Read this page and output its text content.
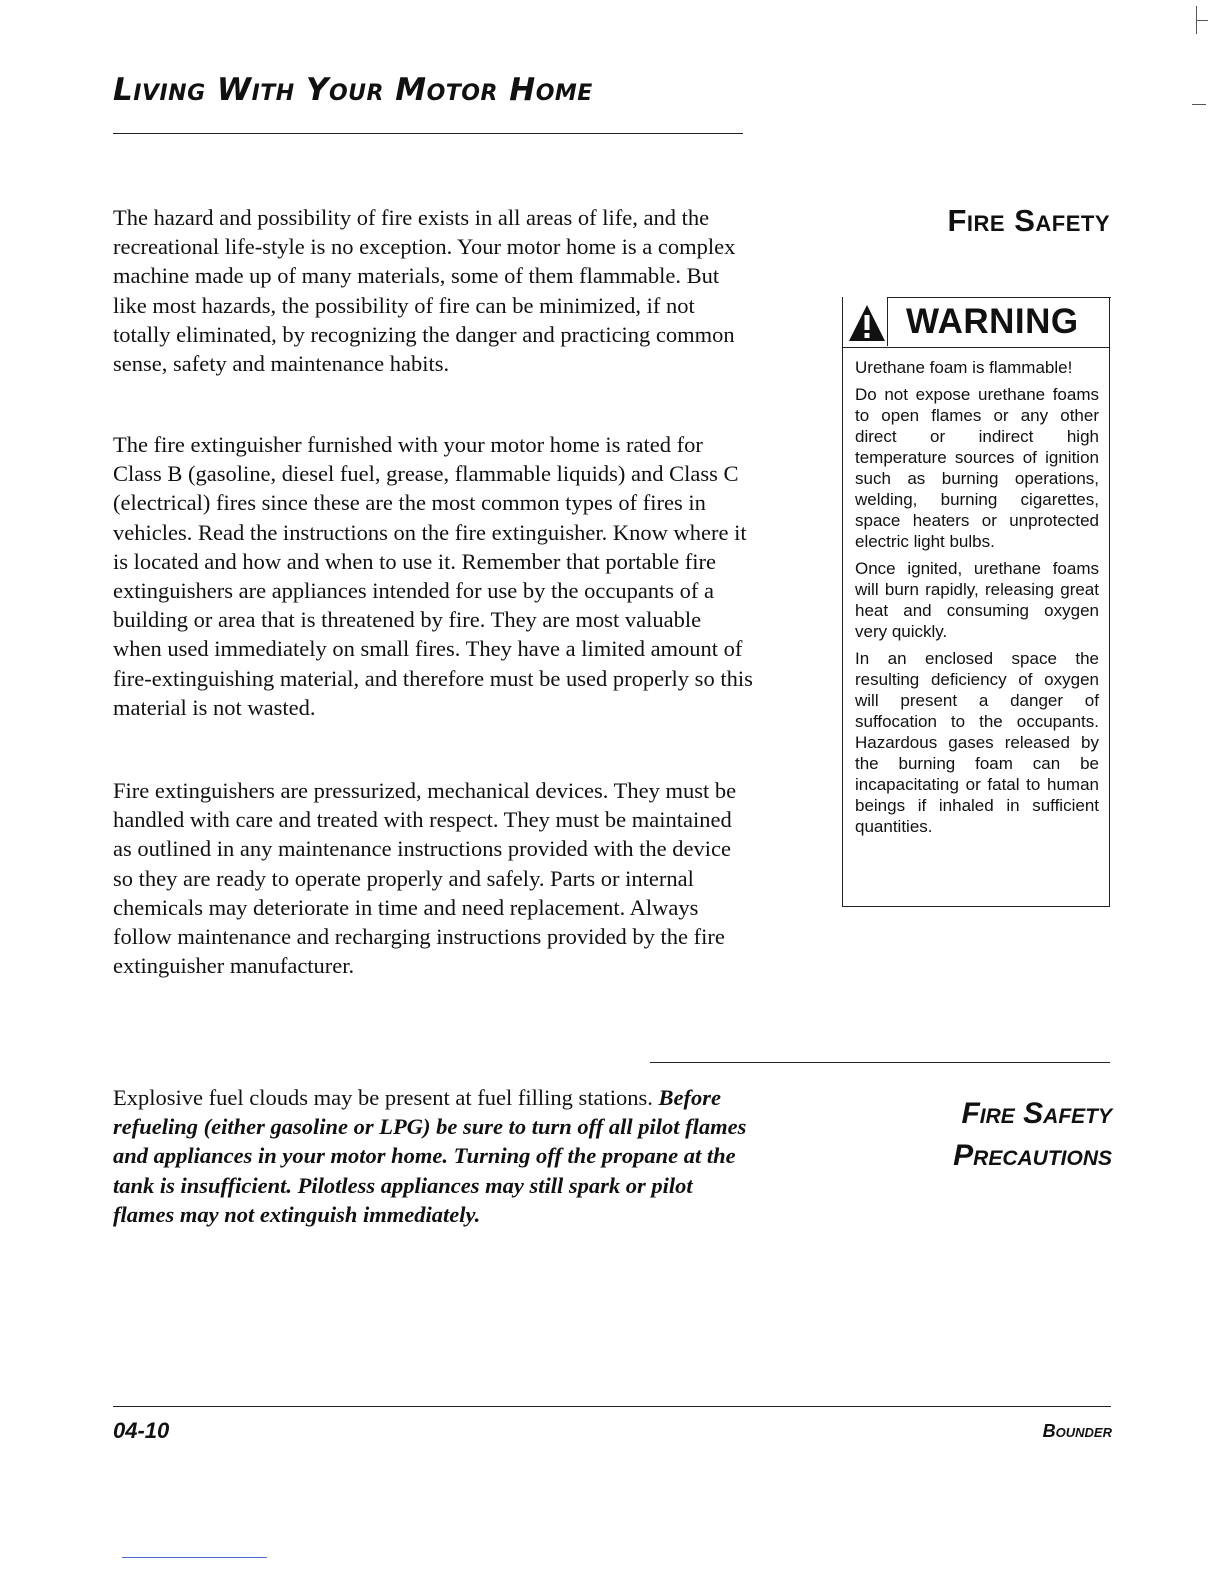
Living With Your Motor Home

The hazard and possibility of fire exists in all areas of life, and the recreational life-style is no exception. Your motor home is a complex machine made up of many materials, some of them flammable. But like most hazards, the possibility of fire can be minimized, if not totally eliminated, by recognizing the danger and practicing common sense, safety and maintenance habits.

The fire extinguisher furnished with your motor home is rated for Class B (gasoline, diesel fuel, grease, flammable liquids) and Class C (electrical) fires since these are the most common types of fires in vehicles. Read the instructions on the fire extinguisher. Know where it is located and how and when to use it. Remember that portable fire extinguishers are appliances intended for use by the occupants of a building or area that is threatened by fire. They are most valuable when used immediately on small fires. They have a limited amount of fire-extinguishing material, and therefore must be used properly so this material is not wasted.

Fire extinguishers are pressurized, mechanical devices. They must be handled with care and treated with respect. They must be maintained as outlined in any maintenance instructions provided with the device so they are ready to operate properly and safely. Parts or internal chemicals may deteriorate in time and need replacement. Always follow maintenance and recharging instructions provided by the fire extinguisher manufacturer.

Fire Safety
WARNING

Urethane foam is flammable!

Do not expose urethane foams to open flames or any other direct or indirect high temperature sources of ignition such as burning operations, welding, burning cigarettes, space heaters or unprotected electric light bulbs.

Once ignited, urethane foams will burn rapidly, releasing great heat and consuming oxygen very quickly.

In an enclosed space the resulting deficiency of oxygen will present a danger of suffocation to the occupants. Hazardous gases released by the burning foam can be incapacitating or fatal to human beings if inhaled in sufficient quantities.

Explosive fuel clouds may be present at fuel filling stations. Before refueling (either gasoline or LPG) be sure to turn off all pilot flames and appliances in your motor home. Turning off the propane at the tank is insufficient. Pilotless appliances may still spark or pilot flames may not extinguish immediately.

Fire Safety
Precautions

04-10	Bounder
